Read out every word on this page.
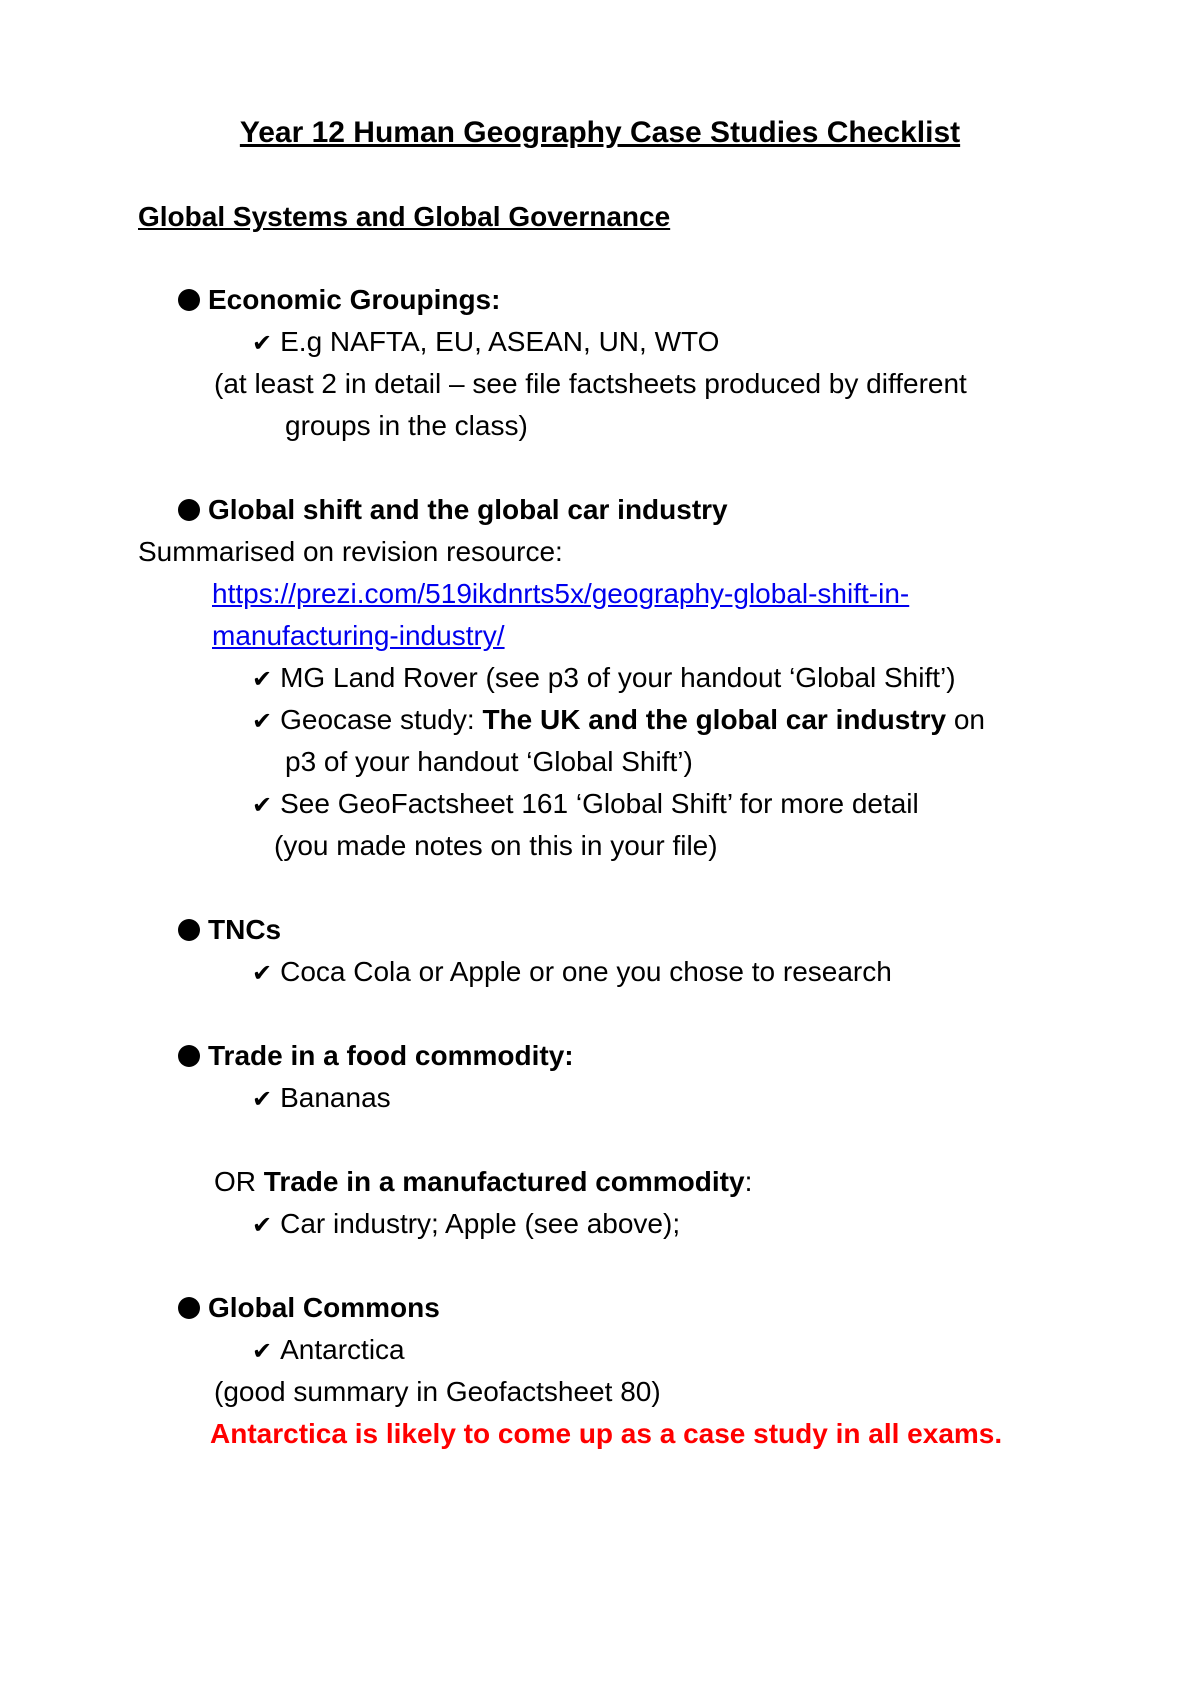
Year 12 Human Geography Case Studies Checklist
Global Systems and Global Governance
Economic Groupings:
✔ E.g NAFTA, EU, ASEAN, UN, WTO
(at least 2 in detail – see file factsheets produced by different
groups in the class)
Global shift and the global car industry
Summarised on revision resource:
https://prezi.com/519ikdnrts5x/geography-global-shift-in-
manufacturing-industry/
✔ MG Land Rover (see p3 of your handout ‘Global Shift’)
✔ Geocase study: The UK and the global car industry on
p3 of your handout ‘Global Shift’)
✔ See GeoFactsheet 161 ‘Global Shift’ for more detail
(you made notes on this in your file)
TNCs
✔ Coca Cola or Apple or one you chose to research
Trade in a food commodity:
✔ Bananas
OR Trade in a manufactured commodity:
✔ Car industry; Apple (see above);
Global Commons
✔ Antarctica
(good summary in Geofactsheet 80)
Antarctica is likely to come up as a case study in all exams.
